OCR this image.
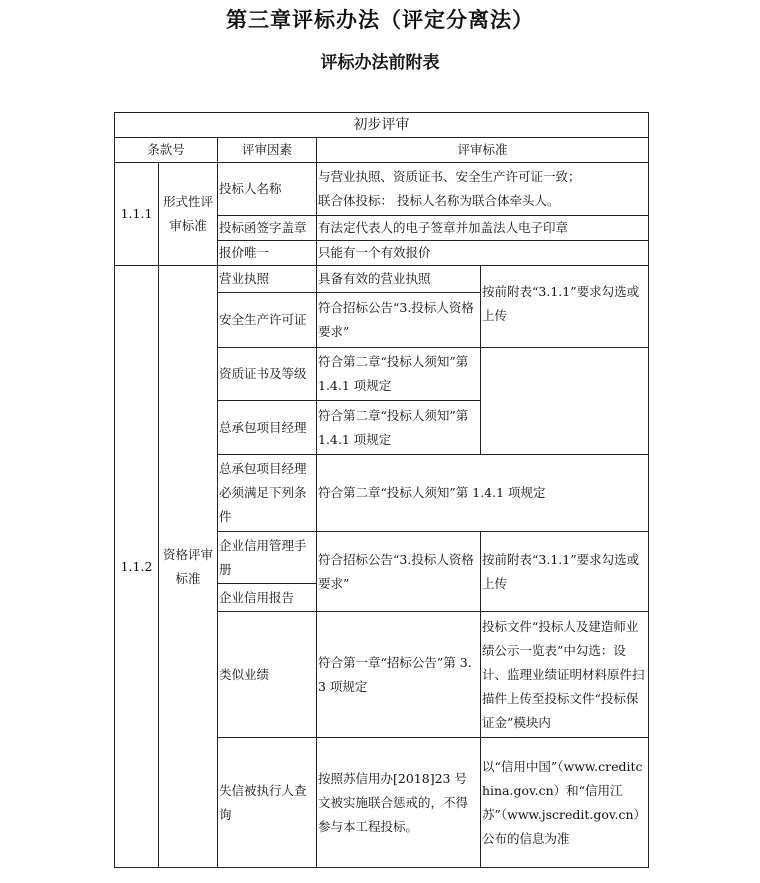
第三章评标办法（评定分离法）
评标办法前附表
初步评审				
条款号		评审因素	评审标准	
1.1.1	形式性评审标准	投标人名称	与营业执照、资质证书、安全生产许可证一致；
联合体投标： 投标人名称为联合体牵头人。	

		投标函签字盖章	有法定代表人的电子签章并加盖法人电子印章	
		报价唯一	只能有一个有效报价	
1.1.2	资格评审标准	营业执照	具备有效的营业执照	按前附表“3.1.1”要求勾选或上传
		安全生产许可证	符合招标公告“3.投标人资格要求”	
		资质证书及等级	符合第二章“投标人须知”第 1.4.1 项规定	
		总承包项目经理	符合第二章“投标人须知”第 1.4.1 项规定	
		总承包项目经理必须满足下列条件	符合第二章“投标人须知”第 1.4.1 项规定	
		企业信用管理手册	符合招标公告“3.投标人资格要求”	按前附表“3.1.1”要求勾选或上传
		企业信用报告		
		类似业绩	符合第一章“招标公告”第 3.3 项规定	投标文件“投标人及建造师业绩公示一览表”中勾选：设计、监理业绩证明材料原件扫描件上传至投标文件“投标保证金”模块内
		失信被执行人查询	按照苏信用办[2018]23 号文被实施联合惩戒的，不得参与本工程投标。	以“信用中国”（www.creditchina.gov.cn）和“信用江苏”（www.jscredit.gov.cn）公布的信息为准
